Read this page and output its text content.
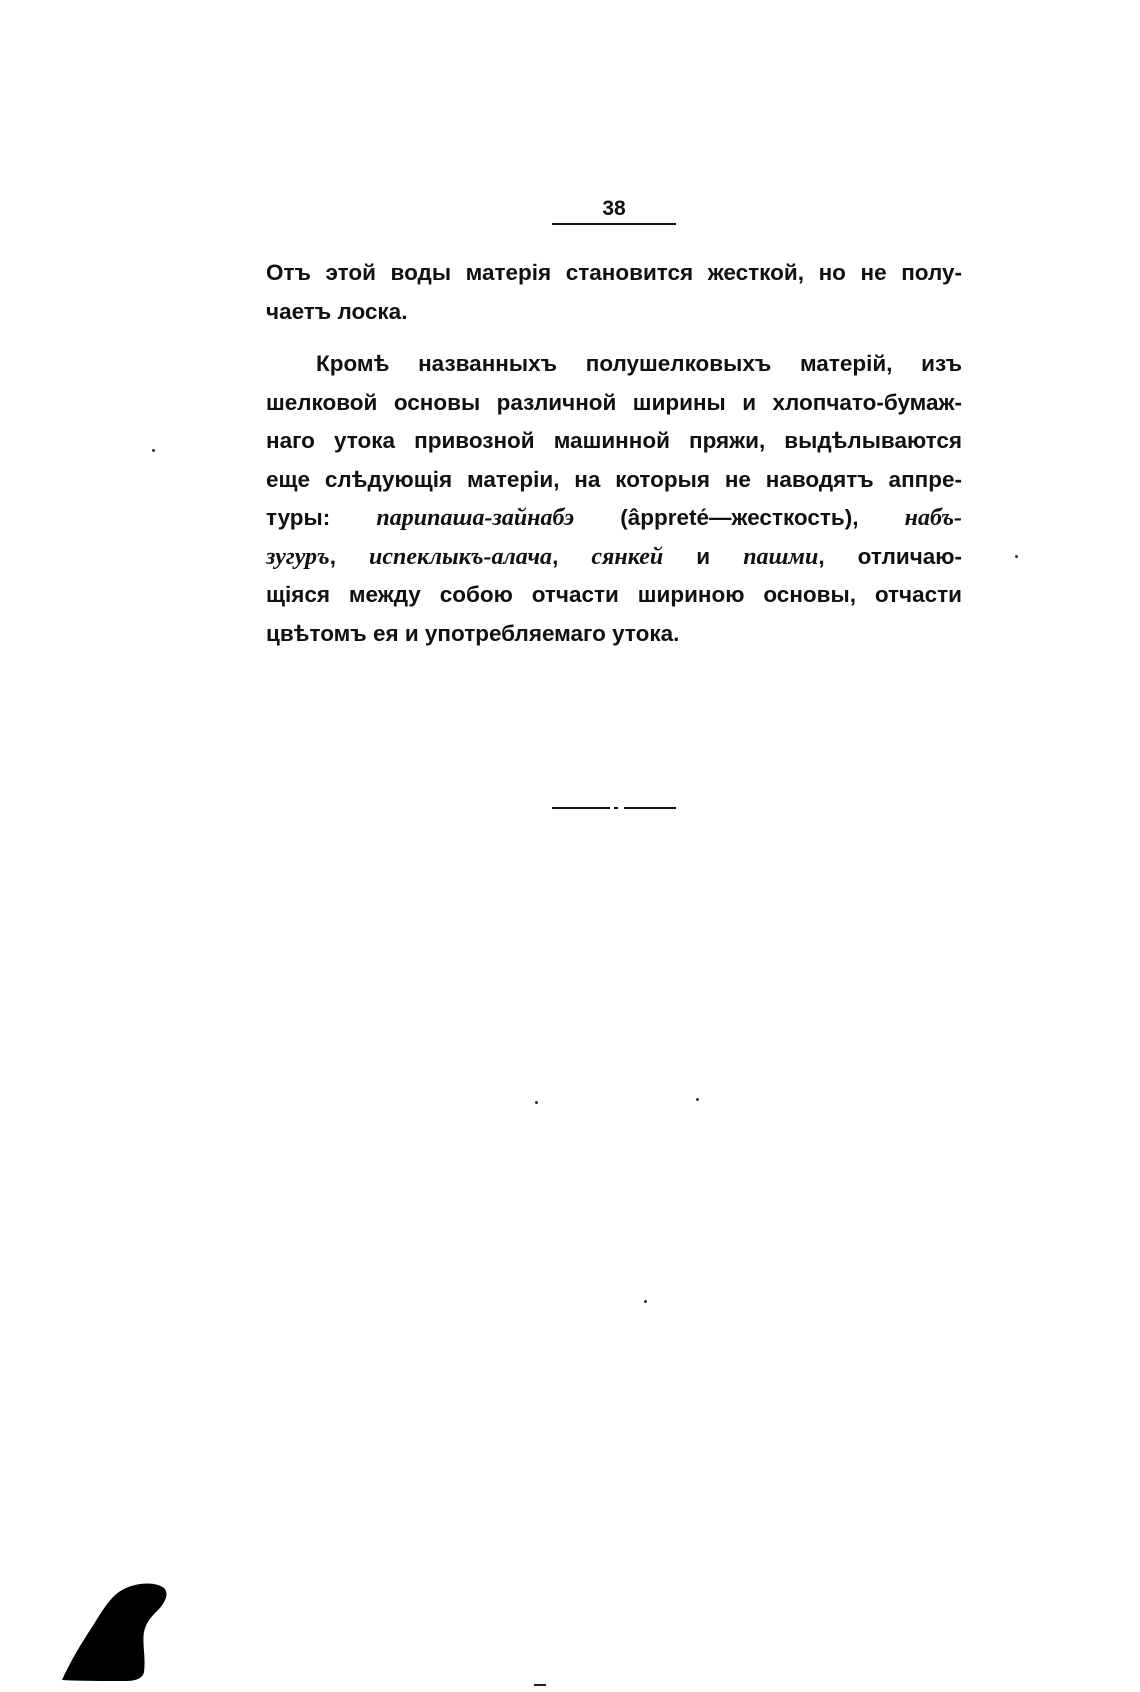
38
Отъ этой воды матерія становится жесткой, но не полу-
чаетъ лоска.
Кромѣ названныхъ полушелковыхъ матерій, изъ
шелковой основы различной ширины и хлопчато-бумаж-
наго утока привозной машинной пряжи, выдѣлываются
еще слѣдующія матеріи, на которыя не наводятъ аппре-
туры: парипаша-зайнабэ (âpprеtе́—жесткость), набъ-
зугуръ, испеклыкъ-алача, сянкей и пашми, отличаю-
щіяся между собою отчасти шириною основы, отчасти
цвѣтомъ ея и употребляемаго утока.
